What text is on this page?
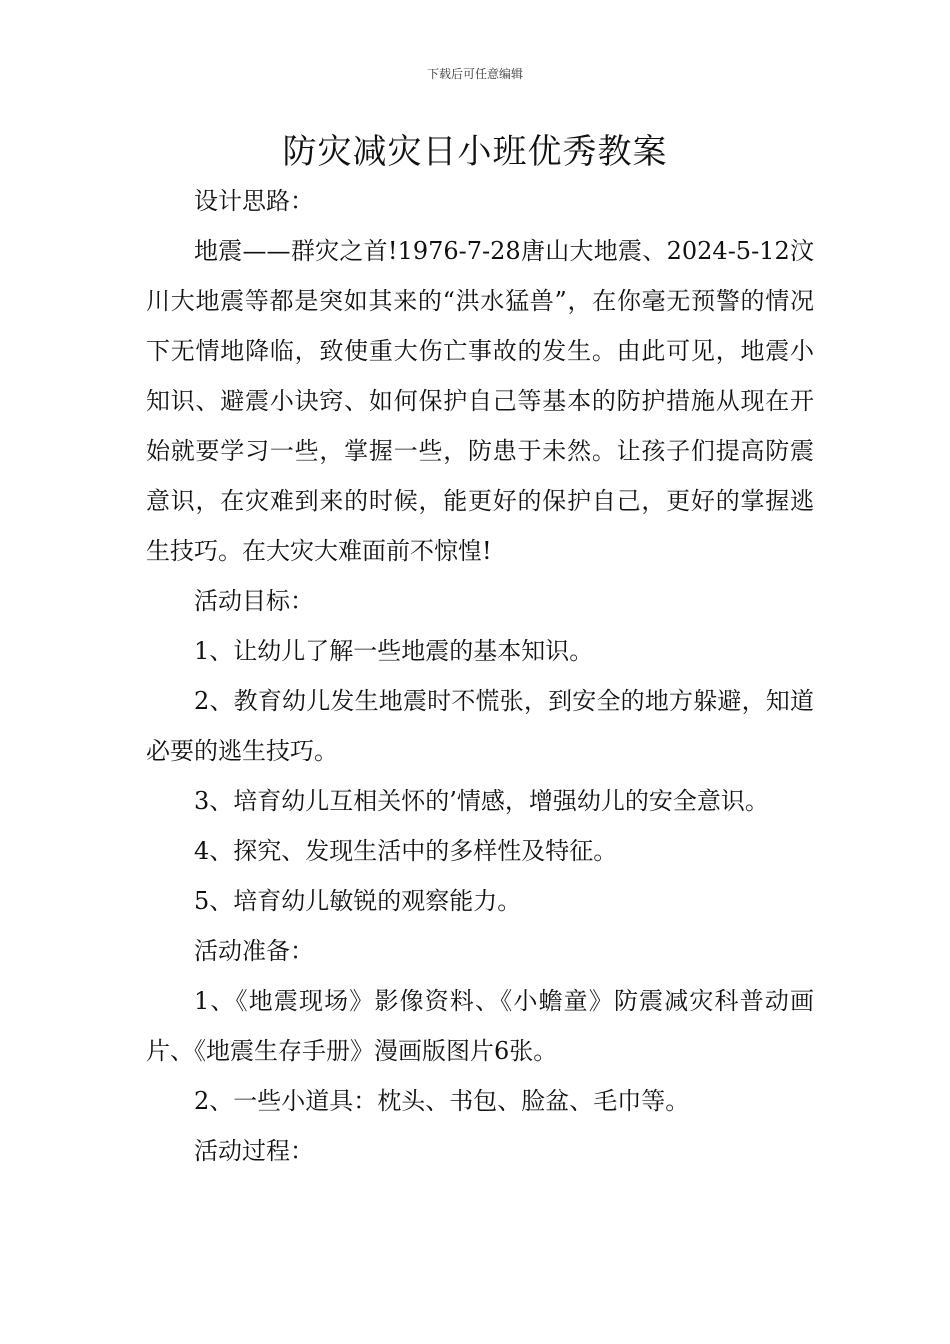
下载后可任意编辑
防灾减灾日小班优秀教案

设计思路：

地震——群灾之首!1976-7-28唐山大地震、2024-5-12汶川大地震等都是突如其来的“洪水猛兽”，在你毫无预警的情况下无情地降临，致使重大伤亡事故的发生。由此可见，地震小知识、避震小诀窍、如何保护自己等基本的防护措施从现在开始就要学习一些，掌握一些，防患于未然。让孩子们提高防震意识，在灾难到来的时候，能更好的保护自己，更好的掌握逃生技巧。在大灾大难面前不惊惶!

活动目标：

1、让幼儿了解一些地震的基本知识。

2、教育幼儿发生地震时不慌张，到安全的地方躲避，知道必要的逃生技巧。

3、培育幼儿互相关怀的’情感，增强幼儿的安全意识。

4、探究、发现生活中的多样性及特征。

5、培育幼儿敏锐的观察能力。

活动准备：

1、《地震现场》影像资料、《小蟾童》防震减灾科普动画片、《地震生存手册》漫画版图片6张。

2、一些小道具：枕头、书包、脸盆、毛巾等。

活动过程：
